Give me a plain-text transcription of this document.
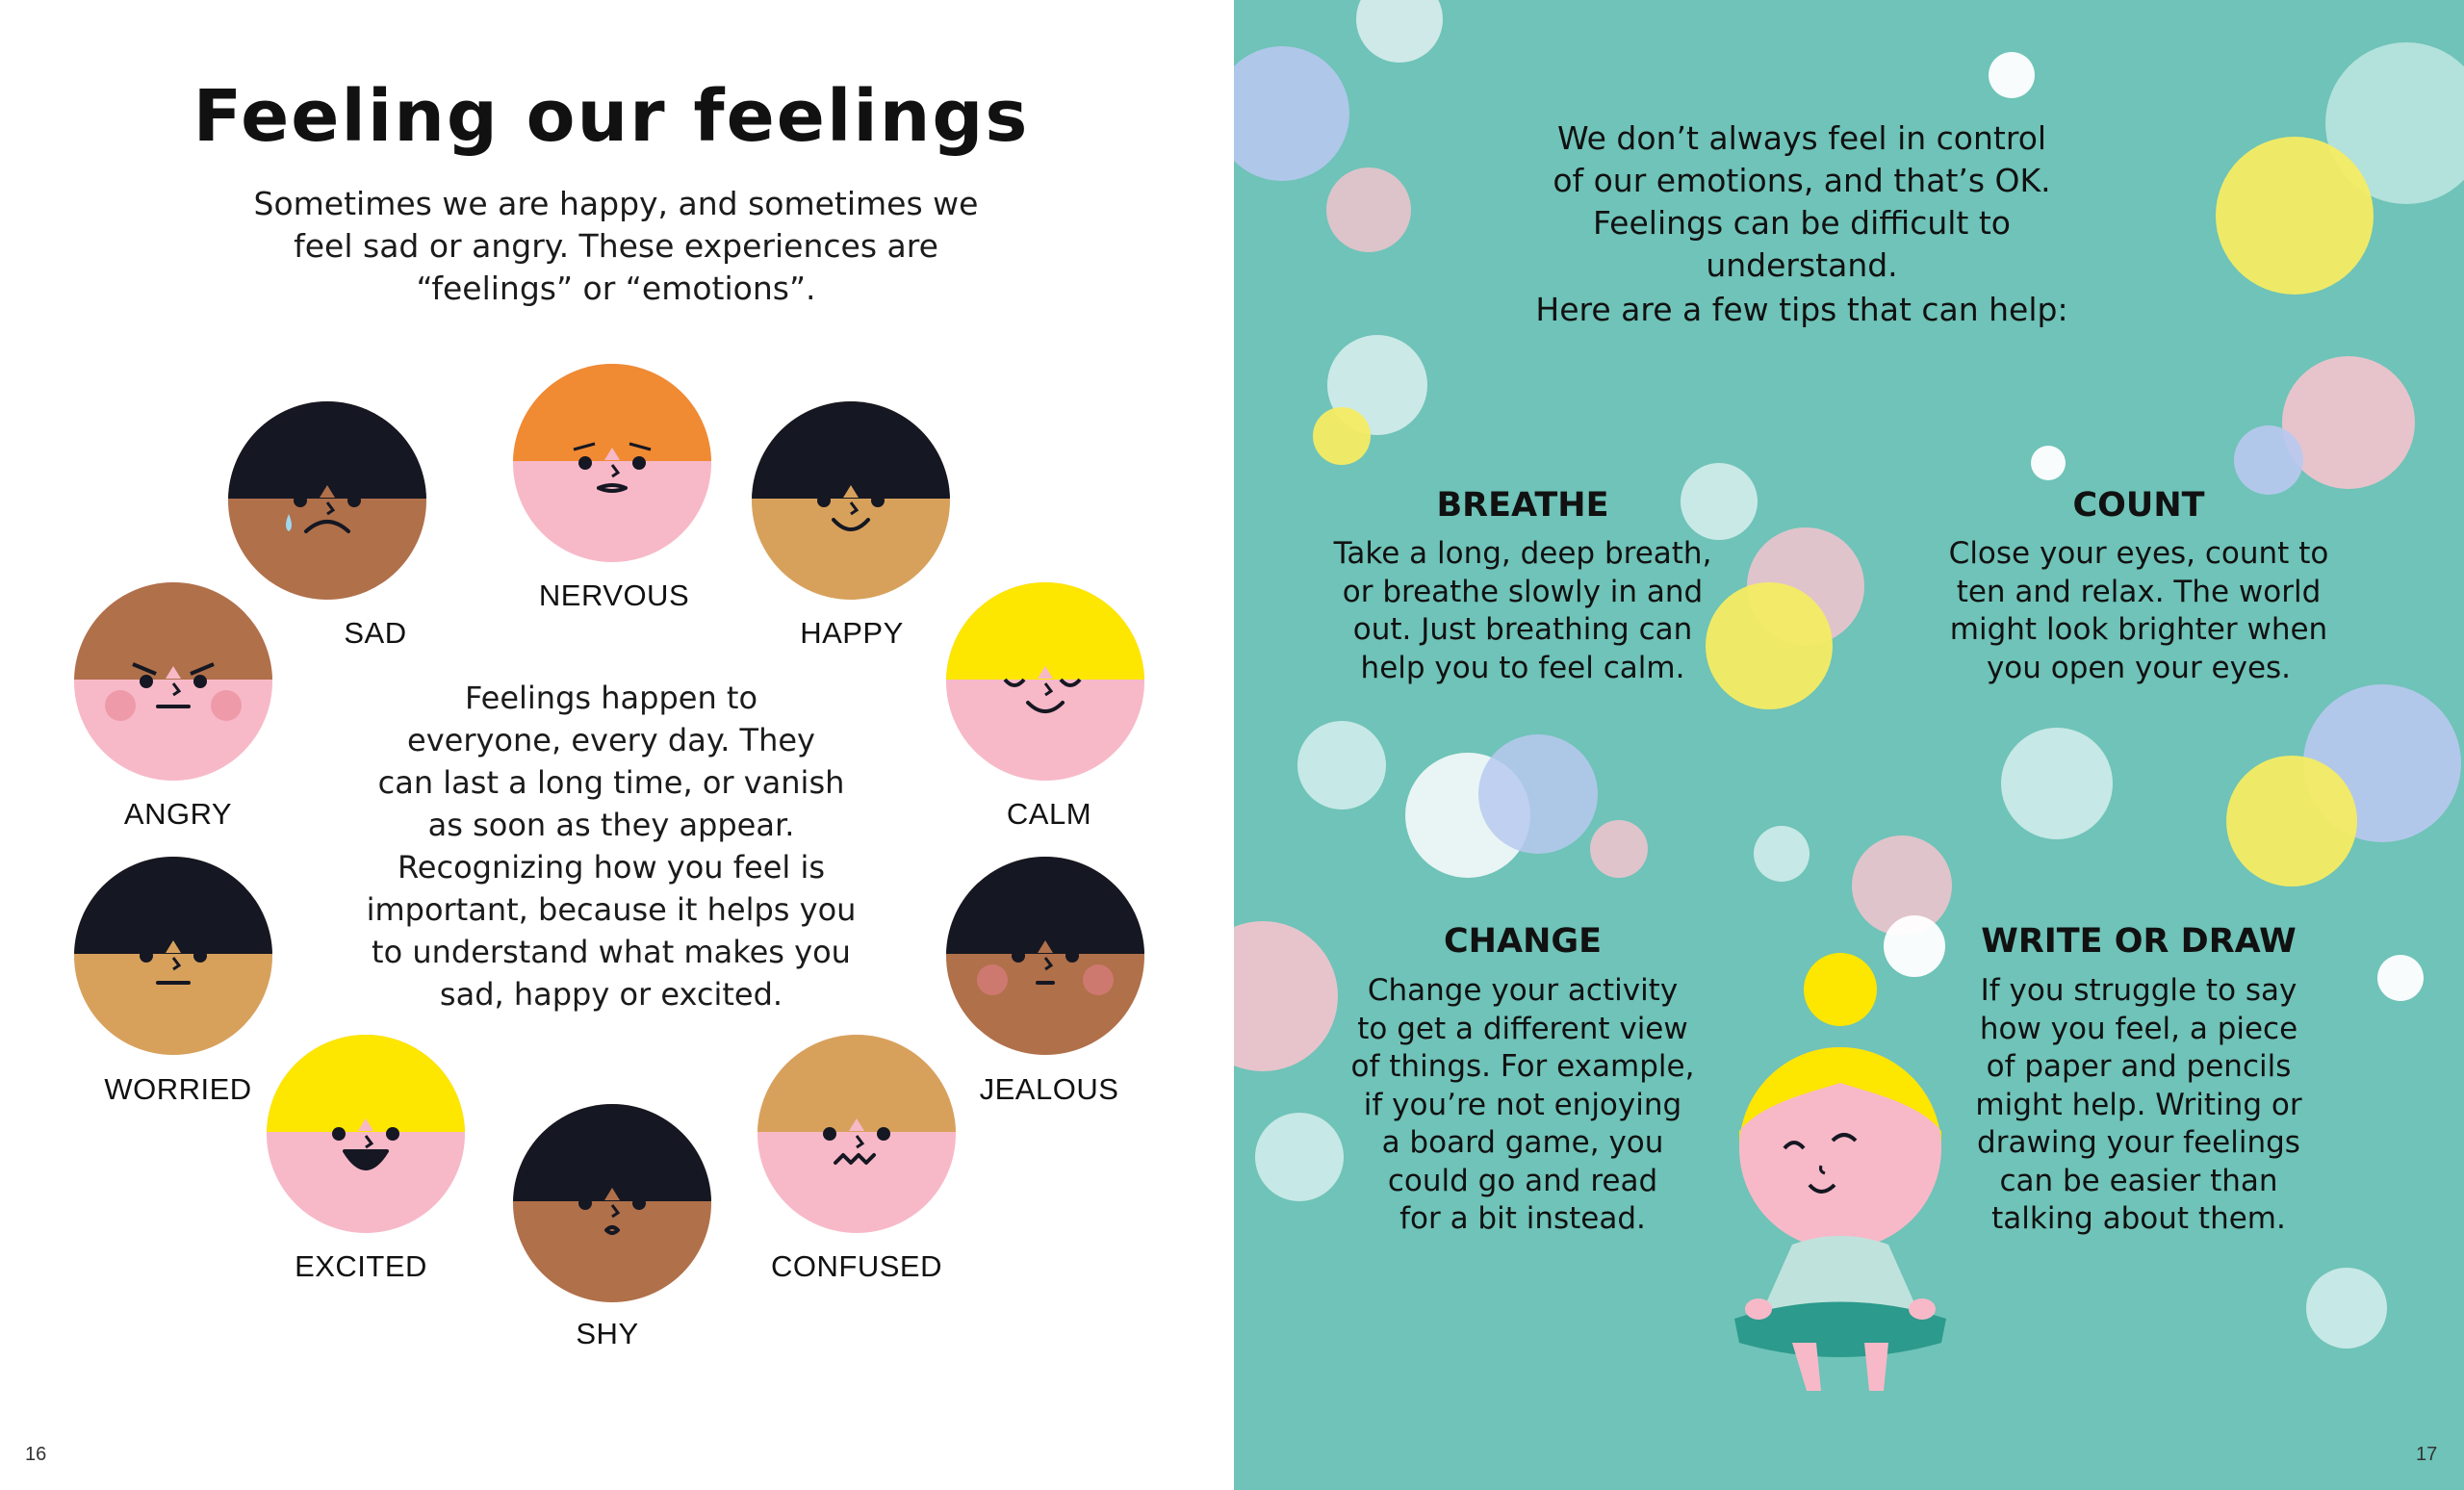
Feeling our feelings
Sometimes we are happy, and sometimes we
feel sad or angry. These experiences are
“feelings” or “emotions”.
SAD
NERVOUS
HAPPY
ANGRY	CALM
WORRIED	JEALOUS
EXCITED	CONFUSED
SHY
Feelings happen to
everyone, every day. They
can last a long time, or vanish
as soon as they appear.
Recognizing how you feel is
important, because it helps you
to understand what makes you
sad, happy or excited.
16
We don’t always feel in control
of our emotions, and that’s OK.
Feelings can be difficult to understand.
Here are a few tips that can help:
BREATHE
Take a long, deep breath,
or breathe slowly in and
out. Just breathing can
help you to feel calm.
COUNT
Close your eyes, count to
ten and relax. The world
might look brighter when
you open your eyes.
CHANGE
Change your activity
to get a different view
of things. For example,
if you’re not enjoying
a board game, you
could go and read
for a bit instead.
WRITE OR DRAW
If you struggle to say
how you feel, a piece
of paper and pencils
might help. Writing or
drawing your feelings
can be easier than
talking about them.
17
